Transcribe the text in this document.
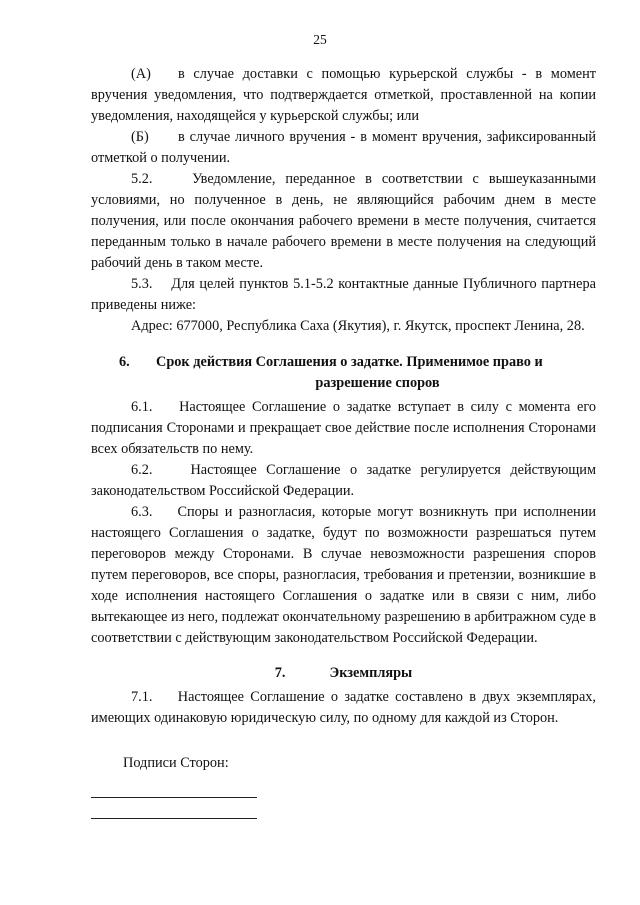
25
(А)	в случае доставки с помощью курьерской службы - в момент вручения уведомления, что подтверждается отметкой, проставленной на копии уведомления, находящейся у курьерской службы; или

(Б)	в случае личного вручения - в момент вручения, зафиксированный отметкой о получении.

5.2.	Уведомление, переданное в соответствии с вышеуказанными условиями, но полученное в день, не являющийся рабочим днем в месте получения, или после окончания рабочего времени в месте получения, считается переданным только в начале рабочего времени в месте получения на следующий рабочий день в таком месте.

5.3. Для целей пунктов 5.1-5.2 контактные данные Публичного партнера приведены ниже:

Адрес: 677000, Республика Саха (Якутия), г. Якутск, проспект Ленина, 28.

6.	Срок действия Соглашения о задатке. Применимое право и
разрешение споров

6.1. Настоящее Соглашение о задатке вступает в силу с момента его подписания Сторонами и прекращает свое действие после исполнения Сторонами всех обязательств по нему.

6.2.	Настоящее Соглашение о задатке регулируется действующим законодательством Российской Федерации.

6.3. Споры и разногласия, которые могут возникнуть при исполнении настоящего Соглашения о задатке, будут по возможности разрешаться путем переговоров между Сторонами. В случае невозможности разрешения споров путем переговоров, все споры, разногласия, требования и претензии, возникшие в ходе исполнения настоящего Соглашения о задатке или в связи с ним, либо вытекающее из него, подлежат окончательному разрешению в арбитражном суде в соответствии с действующим законодательством Российской Федерации.

7.	Экземпляры

7.1. Настоящее Соглашение о задатке составлено в двух экземплярах, имеющих одинаковую юридическую силу, по одному для каждой из Сторон.

Подписи Сторон:
